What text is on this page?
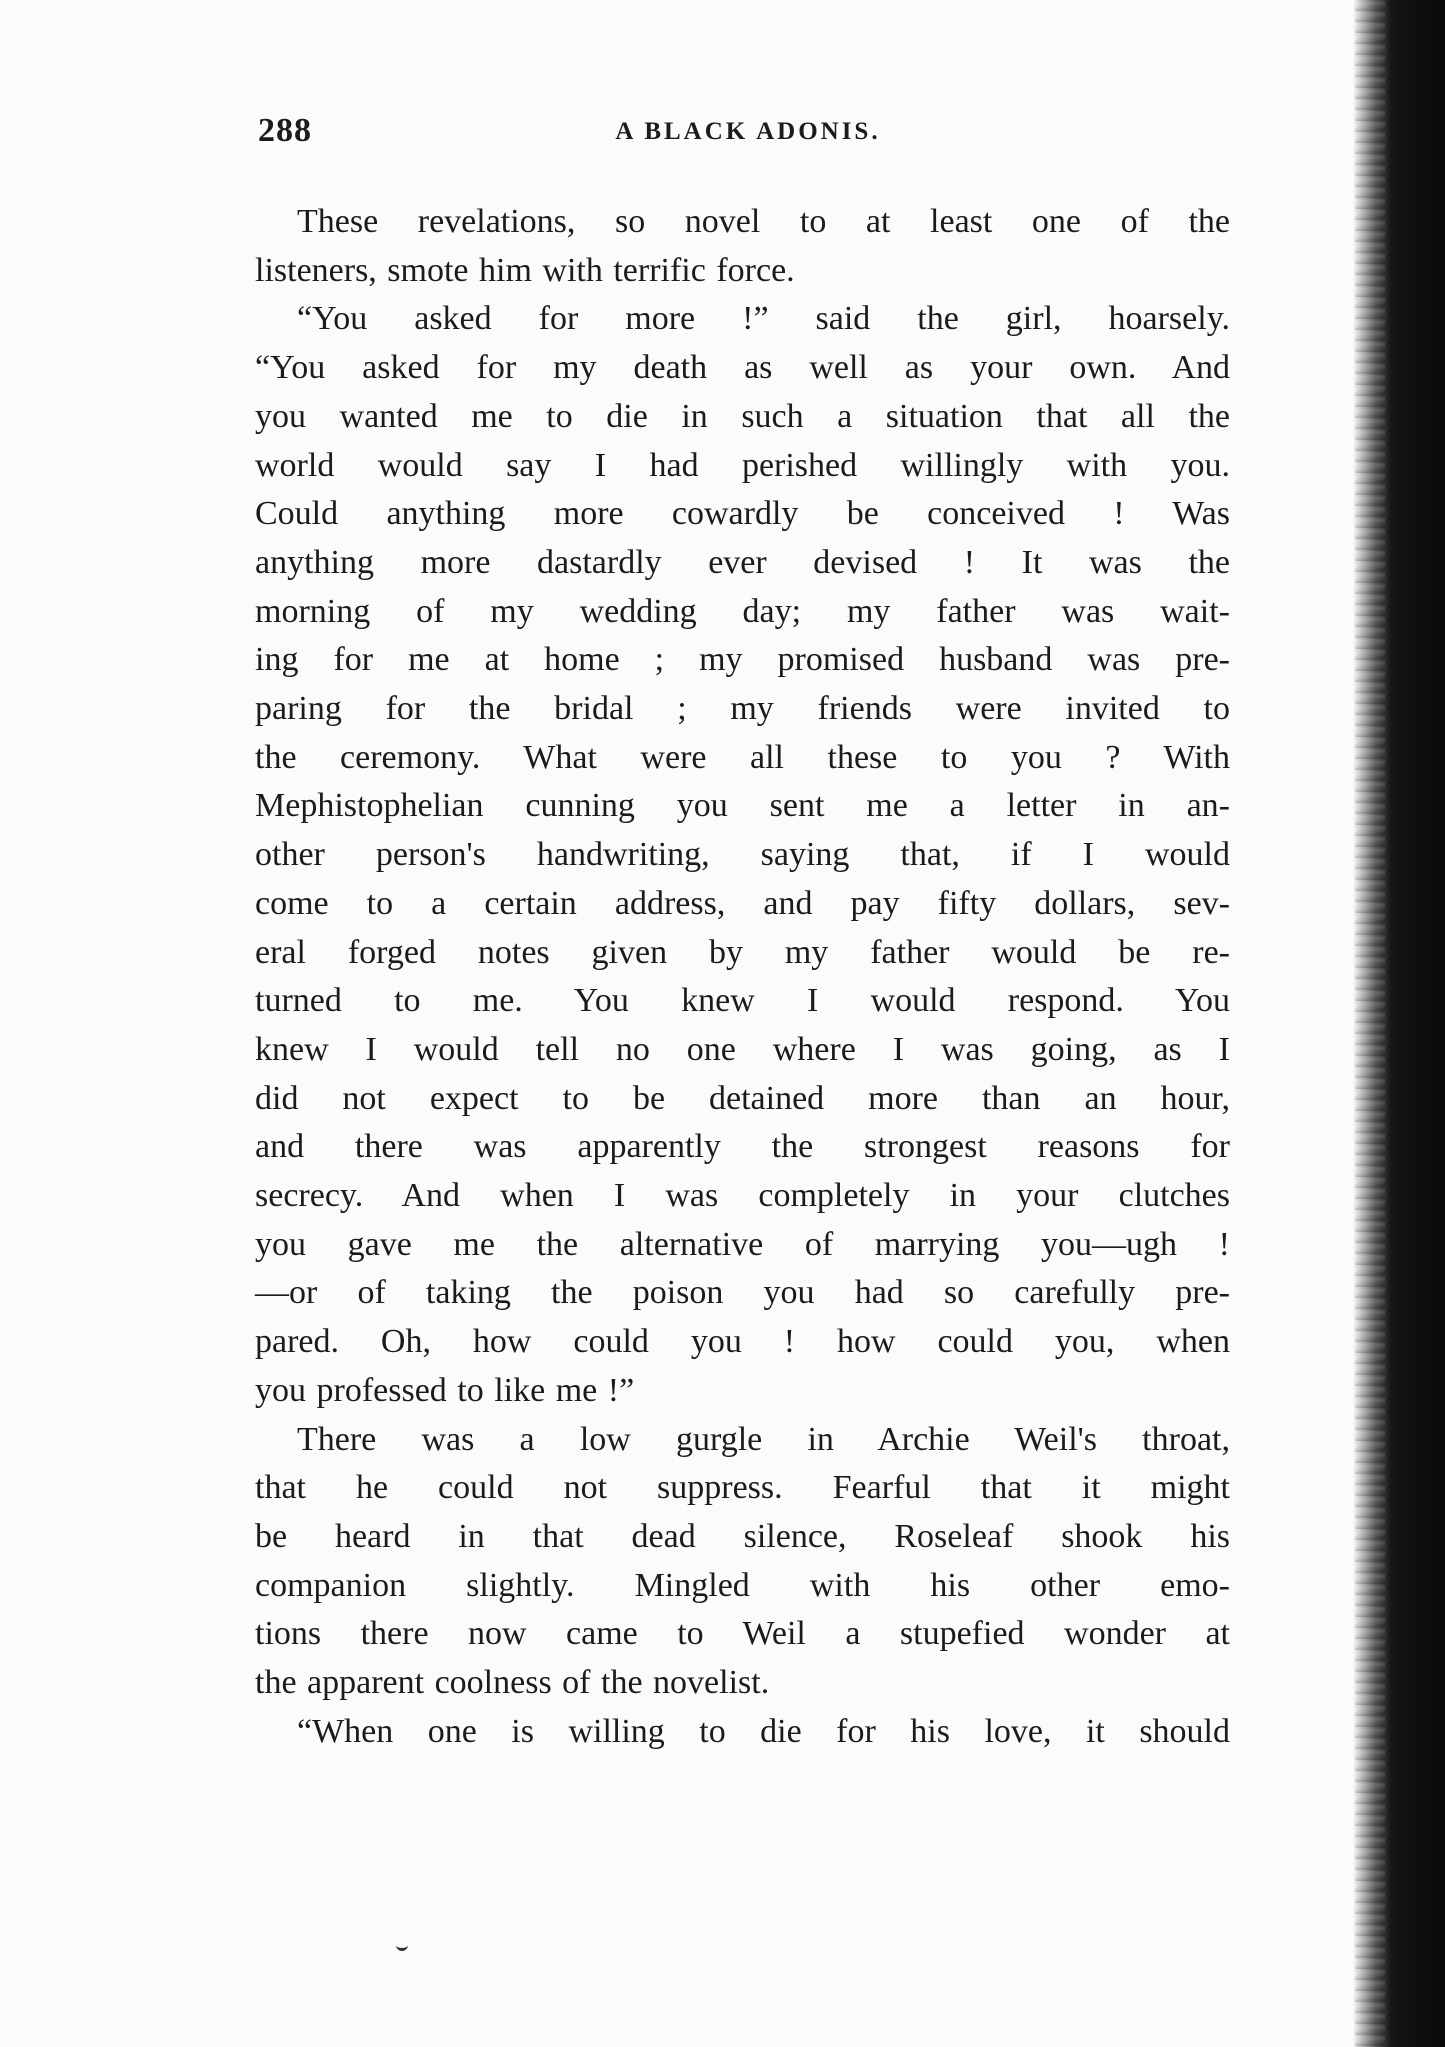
288	A BLACK ADONIS.
These revelations, so novel to at least one of the
listeners, smote him with terrific force.
“You asked for more !” said the girl, hoarsely.
“You asked for my death as well as your own. And
you wanted me to die in such a situation that all the
world would say I had perished willingly with you.
Could anything more cowardly be conceived ! Was
anything more dastardly ever devised ! It was the
morning of my wedding day; my father was wait-
ing for me at home ; my promised husband was pre-
paring for the bridal ; my friends were invited to
the ceremony. What were all these to you ? With
Mephistophelian cunning you sent me a letter in an-
other person's handwriting, saying that, if I would
come to a certain address, and pay fifty dollars, sev-
eral forged notes given by my father would be re-
turned to me. You knew I would respond. You
knew I would tell no one where I was going, as I
did not expect to be detained more than an hour,
and there was apparently the strongest reasons for
secrecy. And when I was completely in your clutches
you gave me the alternative of marrying you—ugh !
—or of taking the poison you had so carefully pre-
pared. Oh, how could you ! how could you, when
you professed to like me !”
There was a low gurgle in Archie Weil's throat,
that he could not suppress. Fearful that it might
be heard in that dead silence, Roseleaf shook his
companion slightly. Mingled with his other emo-
tions there now came to Weil a stupefied wonder at
the apparent coolness of the novelist.
“When one is willing to die for his love, it should
